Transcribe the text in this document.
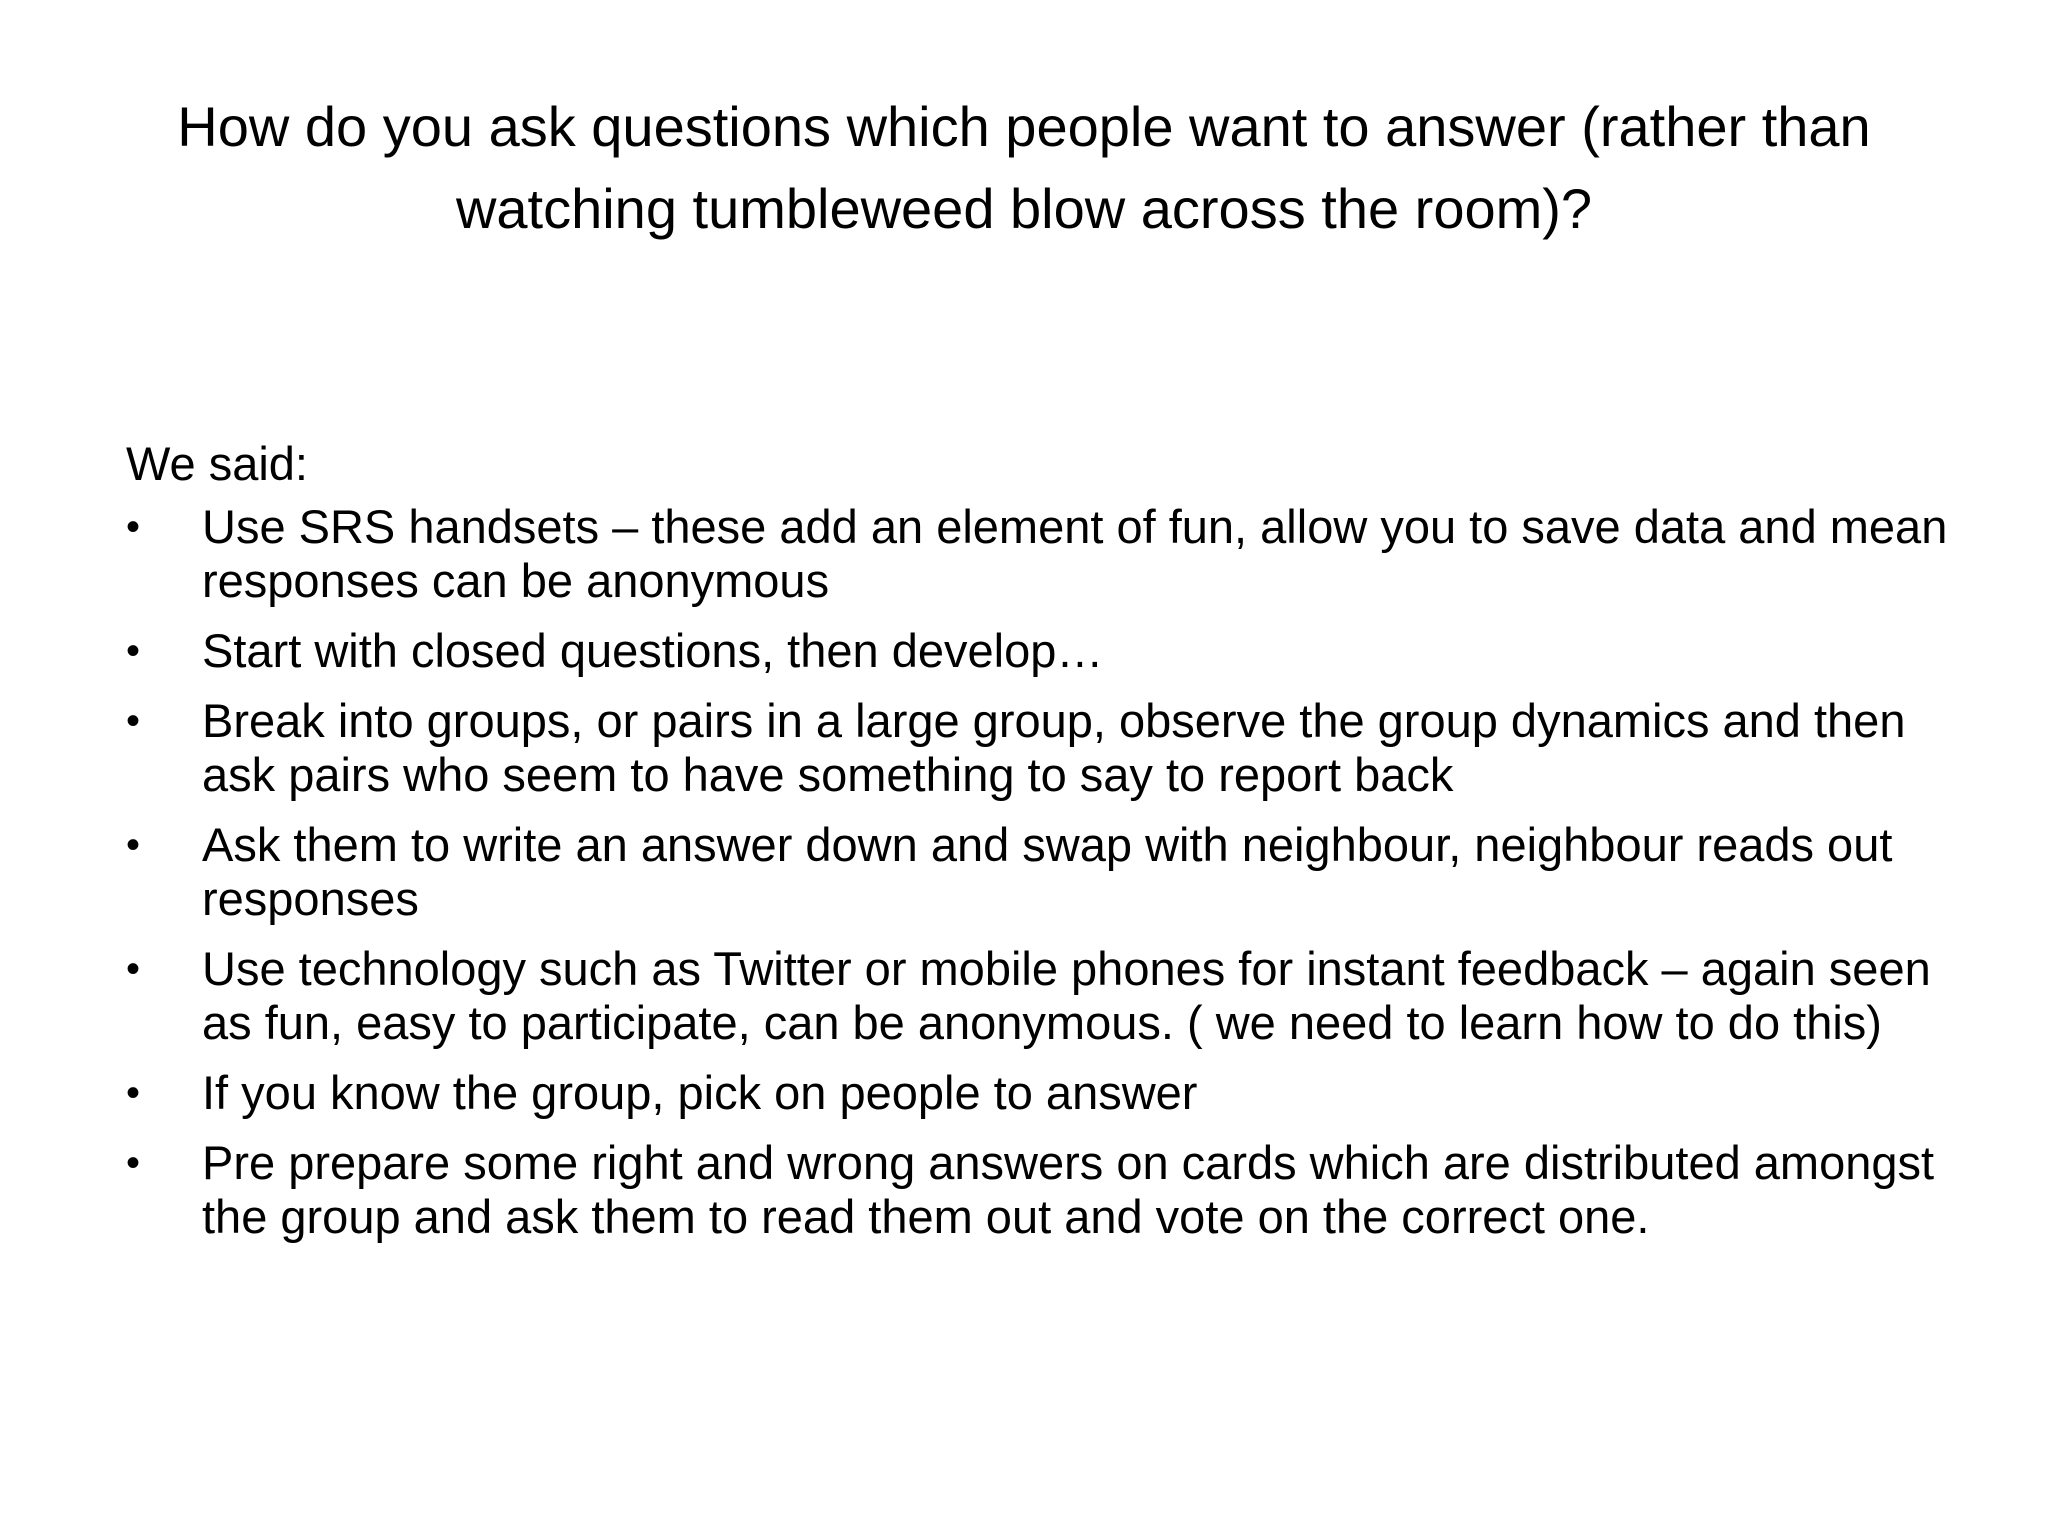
How do you ask questions which people want to answer (rather than watching tumbleweed blow across the room)?
We said:
•	Use SRS handsets – these add an element of fun, allow you to save data and mean responses can be anonymous
•	Start with closed questions, then develop…
•	Break into groups, or pairs in a large group, observe the group dynamics and then ask pairs who seem to have something to say to report back
•	Ask them to write an answer down and swap with neighbour, neighbour reads out responses
•	Use technology such as Twitter or mobile phones for instant feedback – again seen as fun, easy to participate, can be anonymous. ( we need to learn how to do this)
•	If you know the group, pick on people to answer
•	Pre prepare some right and wrong answers on cards which are distributed amongst the group and ask them to read them out and vote on the correct one.
